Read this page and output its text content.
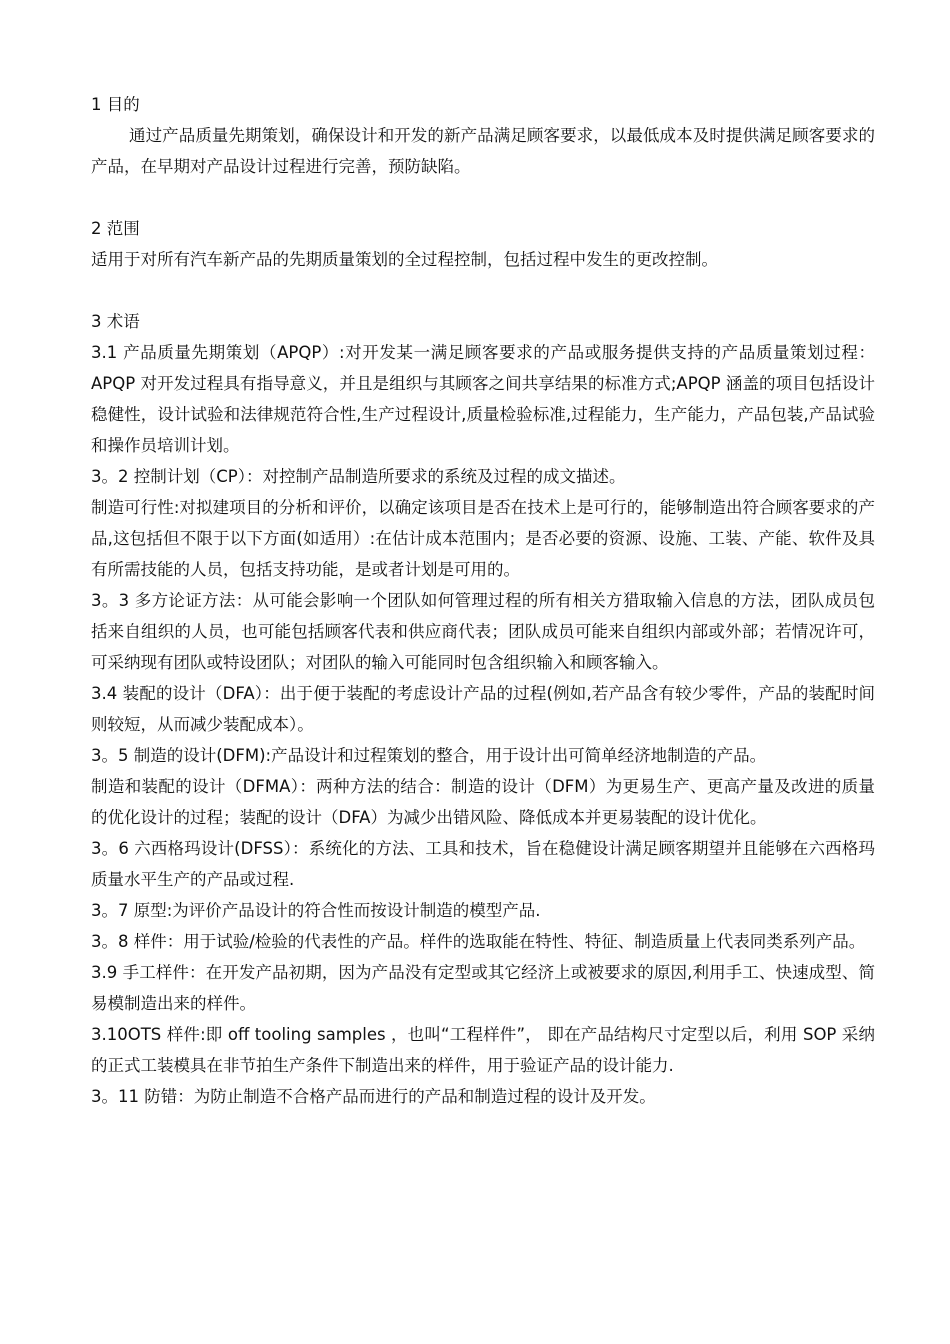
1 目的

通过产品质量先期策划，确保设计和开发的新产品满足顾客要求，以最低成本及时提供满足顾客要求的产品，在早期对产品设计过程进行完善，预防缺陷。

2 范围

适用于对所有汽车新产品的先期质量策划的全过程控制，包括过程中发生的更改控制。

3 术语

3.1 产品质量先期策划（APQP）:对开发某一满足顾客要求的产品或服务提供支持的产品质量策划过程：APQP 对开发过程具有指导意义，并且是组织与其顾客之间共享结果的标准方式;APQP 涵盖的项目包括设计稳健性，设计试验和法律规范符合性,生产过程设计,质量检验标准,过程能力，生产能力，产品包装,产品试验和操作员培训计划。

3。2 控制计划（CP）：对控制产品制造所要求的系统及过程的成文描述。

制造可行性:对拟建项目的分析和评价，以确定该项目是否在技术上是可行的，能够制造出符合顾客要求的产品,这包括但不限于以下方面(如适用）:在估计成本范围内；是否必要的资源、设施、工装、产能、软件及具有所需技能的人员，包括支持功能，是或者计划是可用的。

3。3 多方论证方法：从可能会影响一个团队如何管理过程的所有相关方猎取输入信息的方法，团队成员包括来自组织的人员，也可能包括顾客代表和供应商代表；团队成员可能来自组织内部或外部；若情况许可，可采纳现有团队或特设团队；对团队的输入可能同时包含组织输入和顾客输入。

3.4 装配的设计（DFA）：出于便于装配的考虑设计产品的过程(例如,若产品含有较少零件，产品的装配时间则较短，从而减少装配成本）。

3。5 制造的设计(DFM):产品设计和过程策划的整合，用于设计出可简单经济地制造的产品。

制造和装配的设计（DFMA）：两种方法的结合：制造的设计（DFM）为更易生产、更高产量及改进的质量的优化设计的过程；装配的设计（DFA）为减少出错风险、降低成本并更易装配的设计优化。

3。6 六西格玛设计(DFSS）：系统化的方法、工具和技术，旨在稳健设计满足顾客期望并且能够在六西格玛质量水平生产的产品或过程.

3。7 原型:为评价产品设计的符合性而按设计制造的模型产品.

3。8 样件：用于试验/检验的代表性的产品。样件的选取能在特性、特征、制造质量上代表同类系列产品。

3.9 手工样件：在开发产品初期，因为产品没有定型或其它经济上或被要求的原因,利用手工、快速成型、简易模制造出来的样件。

3.10OTS 样件:即 off tooling samples ，也叫“工程样件”， 即在产品结构尺寸定型以后，利用 SOP 采纳的正式工装模具在非节拍生产条件下制造出来的样件，用于验证产品的设计能力.

3。11 防错：为防止制造不合格产品而进行的产品和制造过程的设计及开发。
